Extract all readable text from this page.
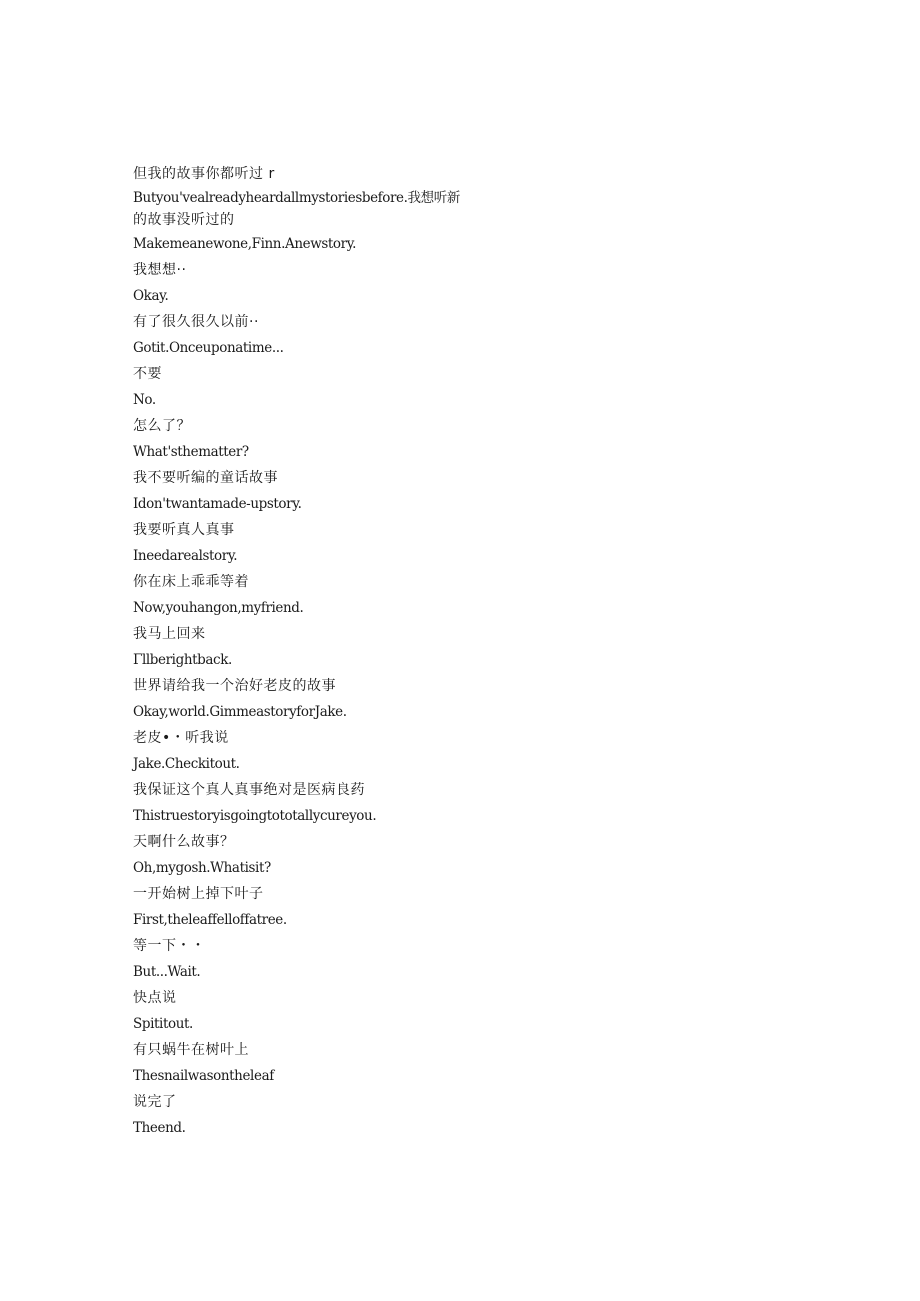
但我的故事你都听过 r
Butyou'vealreadyheardallmystoriesbefore.我想听新
的故事没听过的
Makemeanewone,Finn.Anewstory.
我想想··
Okay.
有了很久很久以前··
Gotit.Onceuponatime...
不要
No.
怎么了？
What'sthematter?
我不要听编的童话故事
Idon'twantamade-upstory.
我要听真人真事
Ineedarealstory.
你在床上乖乖等着
Now,youhangon,myfriend.
我马上回来
Γllberightback.
世界请给我一个治好老皮的故事
Okay,world.GimmeastoryforJake.
老皮•・听我说
Jake.Checkitout.
我保证这个真人真事绝对是医病良药
Thistruestoryisgoingtototallycureyou.
天啊什么故事？
Oh,mygosh.Whatisit?
一开始树上掉下叶子
First,theleaffelloffatree.
等一下・・
But...Wait.
快点说
Spititout.
有只蜗牛在树叶上
Thesnailwasontheleaf
说完了
Theend.
